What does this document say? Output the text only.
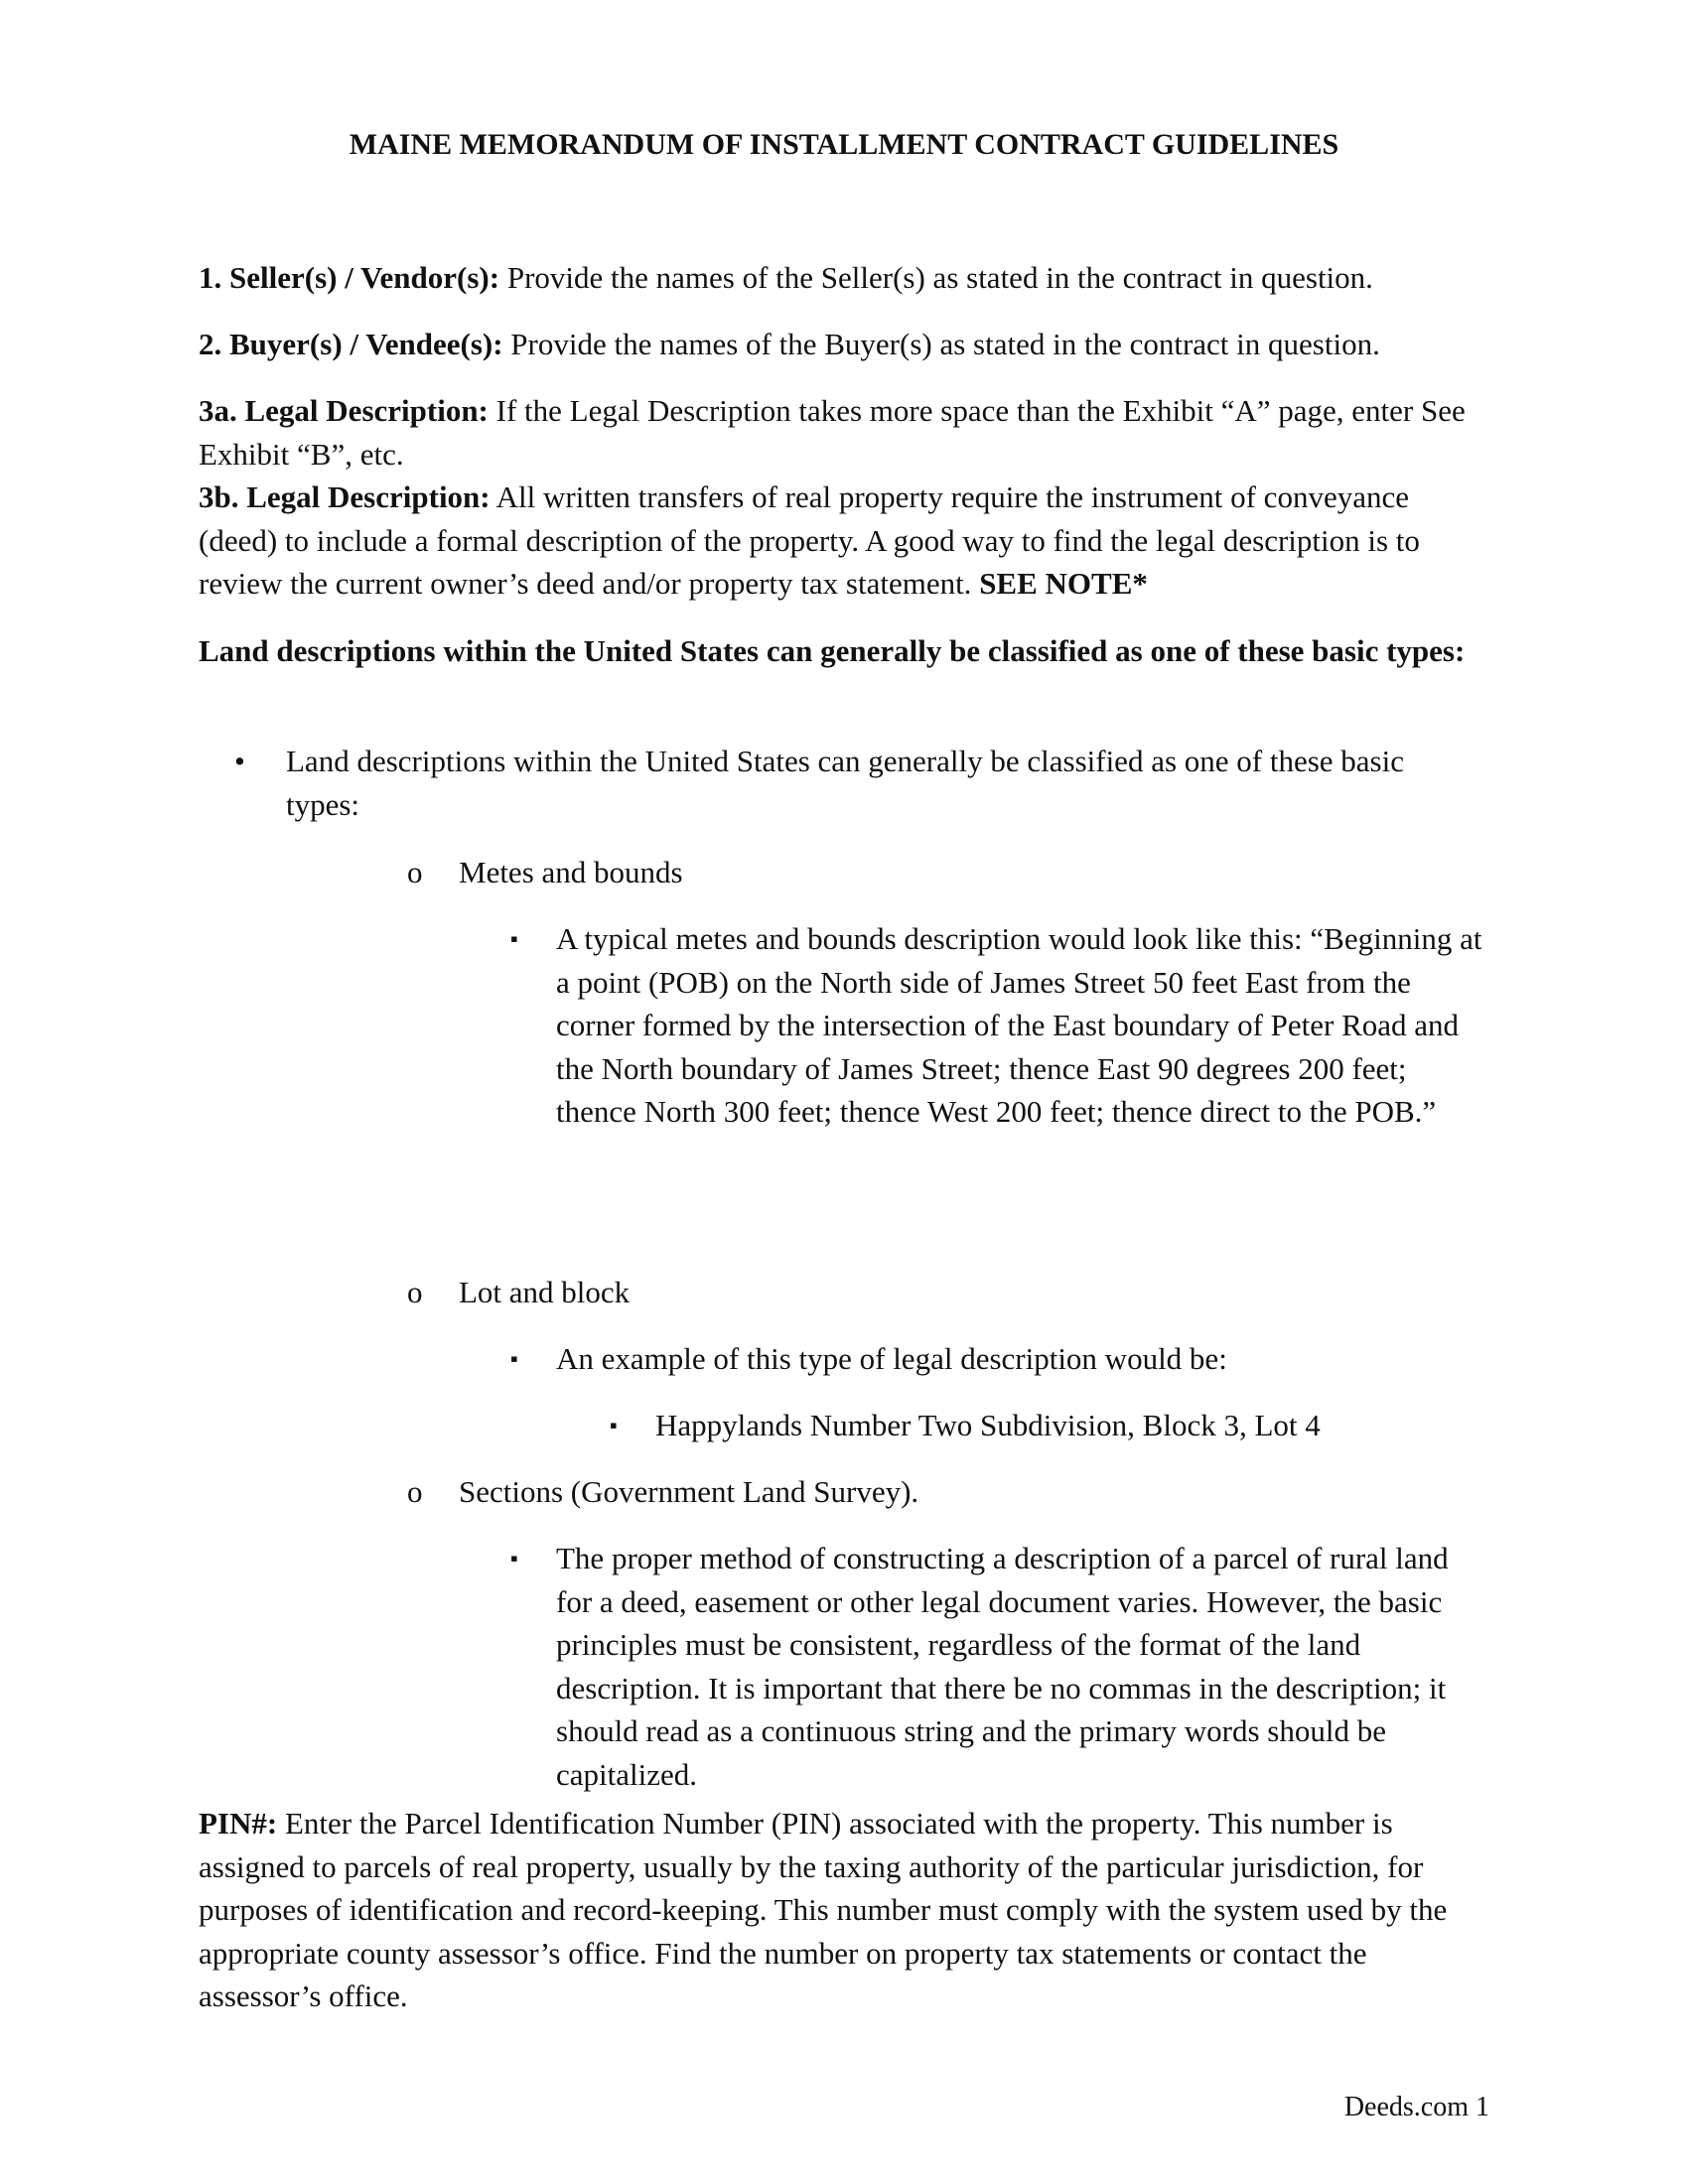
MAINE MEMORANDUM OF INSTALLMENT CONTRACT GUIDELINES
1. Seller(s) / Vendor(s): Provide the names of the Seller(s) as stated in the contract in question.
2. Buyer(s) / Vendee(s): Provide the names of the Buyer(s) as stated in the contract in question.
3a. Legal Description: If the Legal Description takes more space than the Exhibit “A” page, enter See Exhibit “B”, etc.
3b. Legal Description: All written transfers of real property require the instrument of conveyance (deed) to include a formal description of the property. A good way to find the legal description is to review the current owner’s deed and/or property tax statement. SEE NOTE*
Land descriptions within the United States can generally be classified as one of these basic types:
• Land descriptions within the United States can generally be classified as one of these basic types:
o Metes and bounds
▪ A typical metes and bounds description would look like this: “Beginning at a point (POB) on the North side of James Street 50 feet East from the corner formed by the intersection of the East boundary of Peter Road and the North boundary of James Street; thence East 90 degrees 200 feet; thence North 300 feet; thence West 200 feet; thence direct to the POB.”
o Lot and block
▪ An example of this type of legal description would be:
▪ Happylands Number Two Subdivision, Block 3, Lot 4
o Sections (Government Land Survey).
▪ The proper method of constructing a description of a parcel of rural land for a deed, easement or other legal document varies. However, the basic principles must be consistent, regardless of the format of the land description. It is important that there be no commas in the description; it should read as a continuous string and the primary words should be capitalized.
PIN#: Enter the Parcel Identification Number (PIN) associated with the property. This number is assigned to parcels of real property, usually by the taxing authority of the particular jurisdiction, for purposes of identification and record-keeping. This number must comply with the system used by the appropriate county assessor’s office. Find the number on property tax statements or contact the assessor’s office.
Deeds.com 1
